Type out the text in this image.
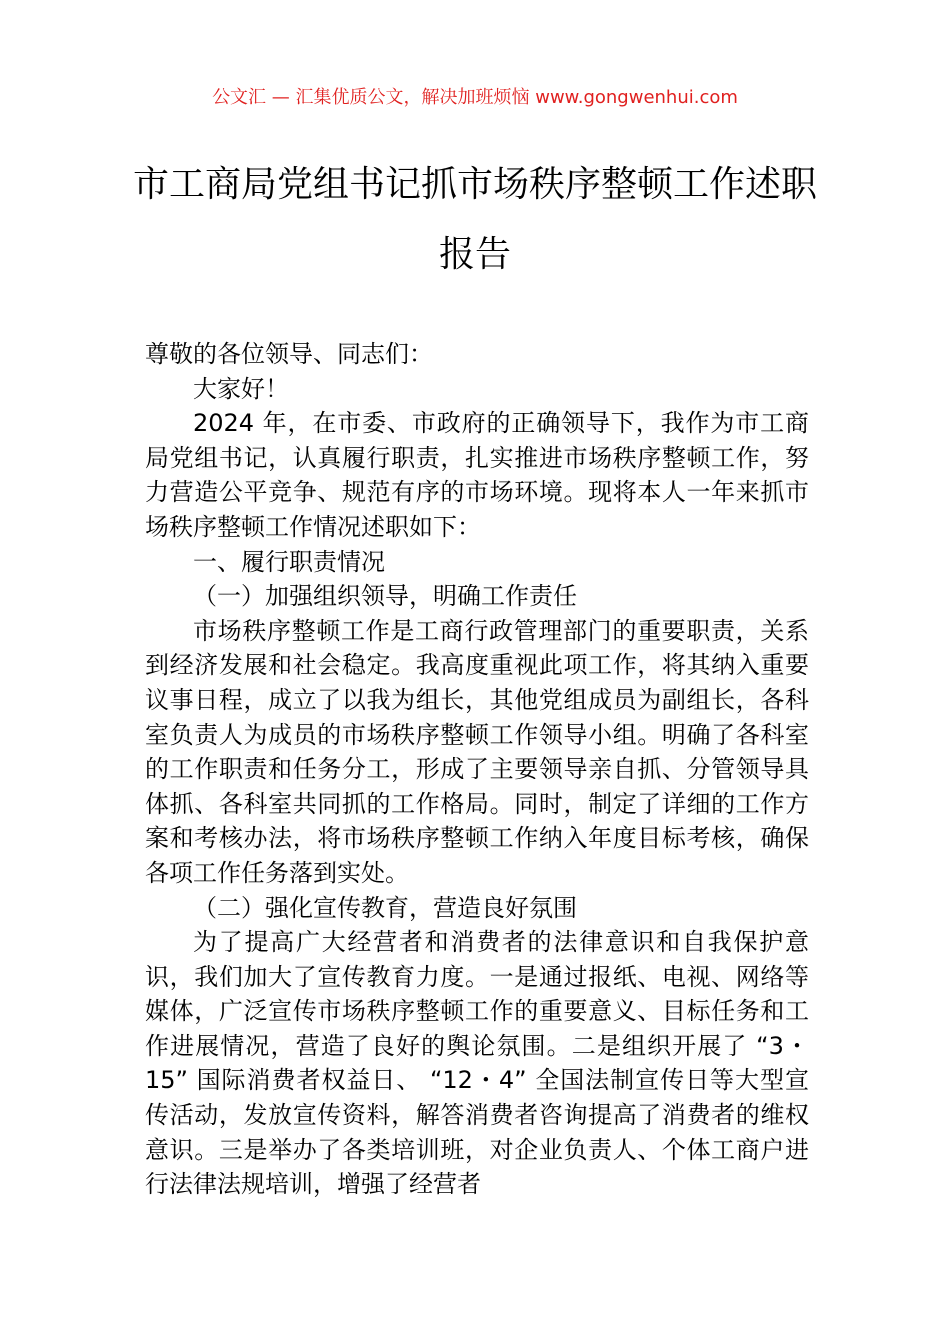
公文汇 — 汇集优质公文，解决加班烦恼 www.gongwenhui.com
市工商局党组书记抓市场秩序整顿工作述职报告

尊敬的各位领导、同志们：

大家好！

2024 年，在市委、市政府的正确领导下，我作为市工商局党组书记，认真履行职责，扎实推进市场秩序整顿工作，努力营造公平竞争、规范有序的市场环境。现将本人一年来抓市场秩序整顿工作情况述职如下：

一、履行职责情况

（一）加强组织领导，明确工作责任

市场秩序整顿工作是工商行政管理部门的重要职责，关系到经济发展和社会稳定。我高度重视此项工作，将其纳入重要议事日程，成立了以我为组长，其他党组成员为副组长，各科室负责人为成员的市场秩序整顿工作领导小组。明确了各科室的工作职责和任务分工，形成了主要领导亲自抓、分管领导具体抓、各科室共同抓的工作格局。同时，制定了详细的工作方案和考核办法，将市场秩序整顿工作纳入年度目标考核，确保各项工作任务落到实处。

（二）强化宣传教育，营造良好氛围

为了提高广大经营者和消费者的法律意识和自我保护意识，我们加大了宣传教育力度。一是通过报纸、电视、网络等媒体，广泛宣传市场秩序整顿工作的重要意义、目标任务和工作进展情况，营造了良好的舆论氛围。二是组织开展了 “3・15” 国际消费者权益日、 “12・4” 全国法制宣传日等大型宣传活动，发放宣传资料，解答消费者咨询提高了消费者的维权意识。三是举办了各类培训班，对企业负责人、个体工商户进行法律法规培训，增强了经营者
